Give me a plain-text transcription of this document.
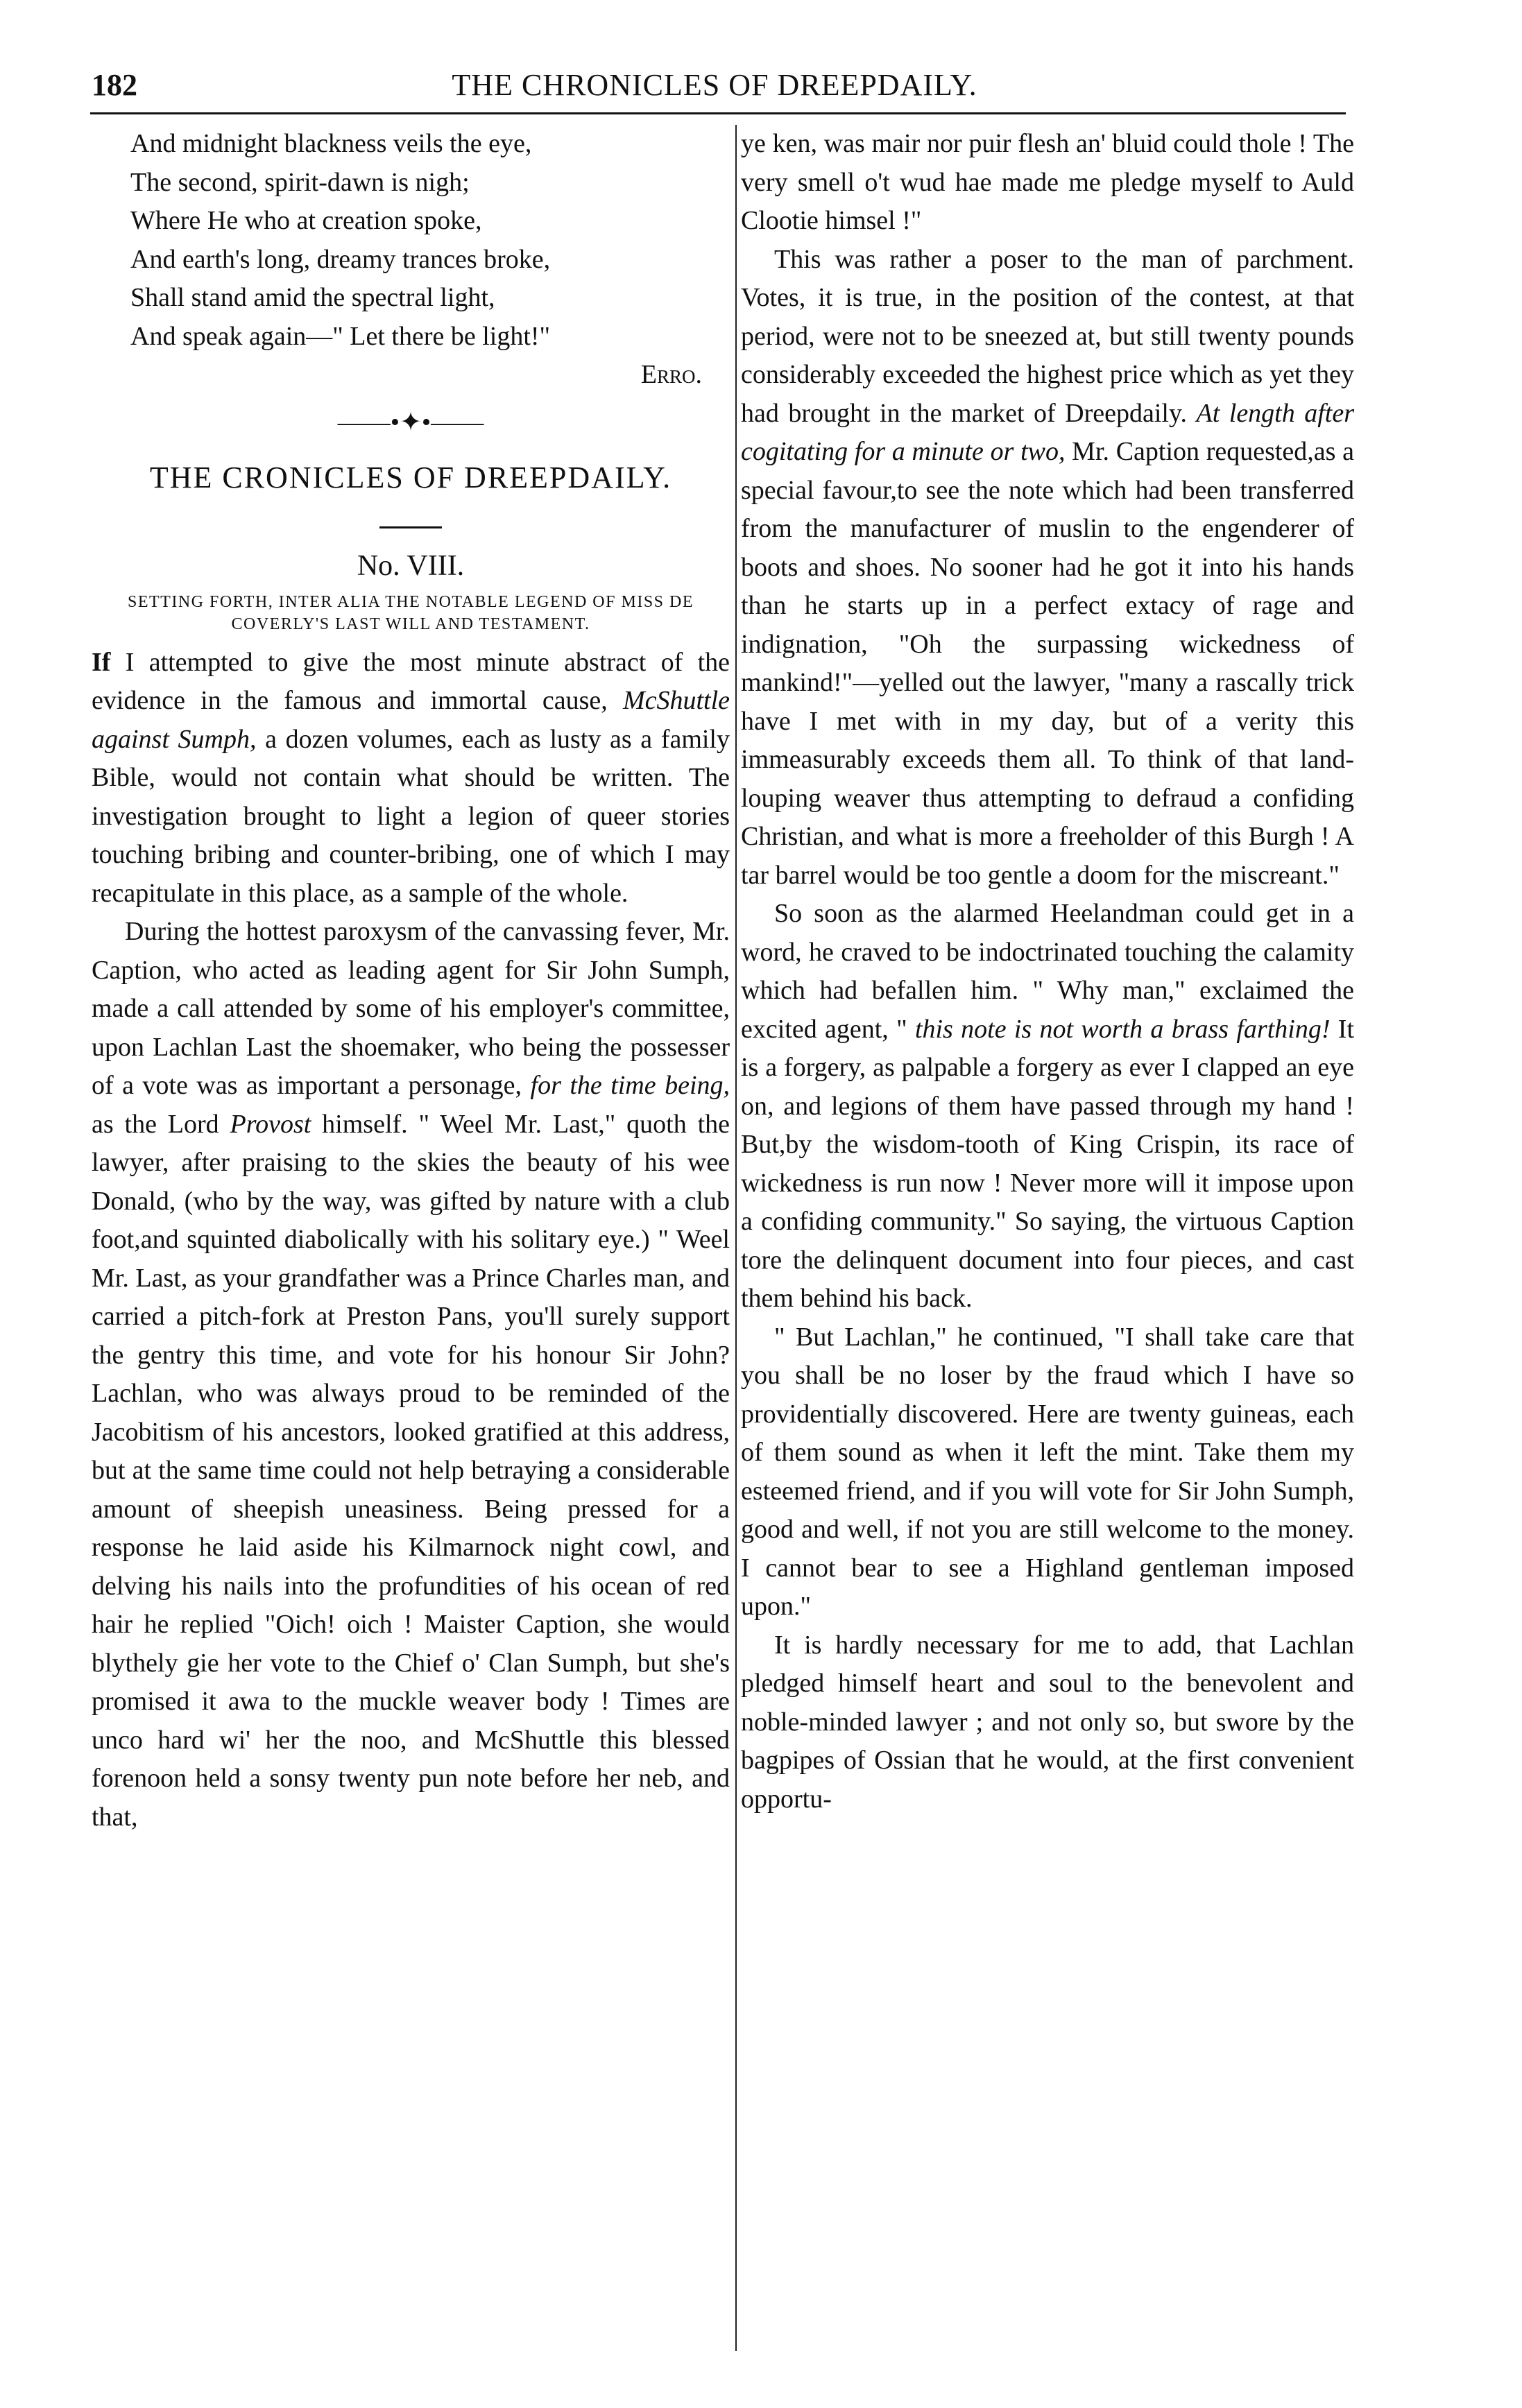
182	THE CHRONICLES OF DREEPDAILY.
And midnight blackness veils the eye,
The second, spirit-dawn is nigh;
Where He who at creation spoke,
And earth's long, dreamy trances broke,
Shall stand amid the spectral light,
And speak again—" Let there be light!"
Erro.
——•✦•——
THE CRONICLES OF DREEPDAILY.
No. VIII.
SETTING FORTH, INTER ALIA THE NOTABLE LEGEND OF MISS DE COVERLY'S LAST WILL AND TESTAMENT.

If I attempted to give the most minute abstract of the evidence in the famous and immortal cause, McShuttle against Sumph, a dozen volumes, each as lusty as a family Bible, would not contain what should be written. The investigation brought to light a legion of queer stories touching bribing and counter-bribing, one of which I may recapitulate in this place, as a sample of the whole.

During the hottest paroxysm of the canvassing fever, Mr. Caption, who acted as leading agent for Sir John Sumph, made a call attended by some of his employer's committee, upon Lachlan Last the shoemaker, who being the possesser of a vote was as important a personage, for the time being, as the Lord Provost himself. " Weel Mr. Last," quoth the lawyer, after praising to the skies the beauty of his wee Donald, (who by the way, was gifted by nature with a club foot,and squinted diabolically with his solitary eye.) " Weel Mr. Last, as your grandfather was a Prince Charles man, and carried a pitch-fork at Preston Pans, you'll surely support the gentry this time, and vote for his honour Sir John? Lachlan, who was always proud to be reminded of the Jacobitism of his ancestors, looked gratified at this address, but at the same time could not help betraying a considerable amount of sheepish uneasiness. Being pressed for a response he laid aside his Kilmarnock night cowl, and delving his nails into the profundities of his ocean of red hair he replied "Oich! oich ! Maister Caption, she would blythely gie her vote to the Chief o' Clan Sumph, but she's promised it awa to the muckle weaver body ! Times are unco hard wi' her the noo, and McShuttle this blessed forenoon held a sonsy twenty pun note before her neb, and that,

ye ken, was mair nor puir flesh an' bluid could thole ! The very smell o't wud hae made me pledge myself to Auld Clootie himsel !"

This was rather a poser to the man of parchment. Votes, it is true, in the position of the contest, at that period, were not to be sneezed at, but still twenty pounds considerably exceeded the highest price which as yet they had brought in the market of Dreepdaily. At length after cogitating for a minute or two, Mr. Caption requested,as a special favour,to see the note which had been transferred from the manufacturer of muslin to the engenderer of boots and shoes. No sooner had he got it into his hands than he starts up in a perfect extacy of rage and indignation, "Oh the surpassing wickedness of mankind!"—yelled out the lawyer, "many a rascally trick have I met with in my day, but of a verity this immeasurably exceeds them all. To think of that land-louping weaver thus attempting to defraud a confiding Christian, and what is more a freeholder of this Burgh ! A tar barrel would be too gentle a doom for the miscreant."

So soon as the alarmed Heelandman could get in a word, he craved to be indoctrinated touching the calamity which had befallen him. " Why man," exclaimed the excited agent, " this note is not worth a brass farthing! It is a forgery, as palpable a forgery as ever I clapped an eye on, and legions of them have passed through my hand ! But,by the wisdom-tooth of King Crispin, its race of wickedness is run now ! Never more will it impose upon a confiding community." So saying, the virtuous Caption tore the delinquent document into four pieces, and cast them behind his back.

" But Lachlan," he continued, "I shall take care that you shall be no loser by the fraud which I have so providentially discovered. Here are twenty guineas, each of them sound as when it left the mint. Take them my esteemed friend, and if you will vote for Sir John Sumph, good and well, if not you are still welcome to the money. I cannot bear to see a Highland gentleman imposed upon."

It is hardly necessary for me to add, that Lachlan pledged himself heart and soul to the benevolent and noble-minded lawyer ; and not only so, but swore by the bagpipes of Ossian that he would, at the first convenient opportu-
